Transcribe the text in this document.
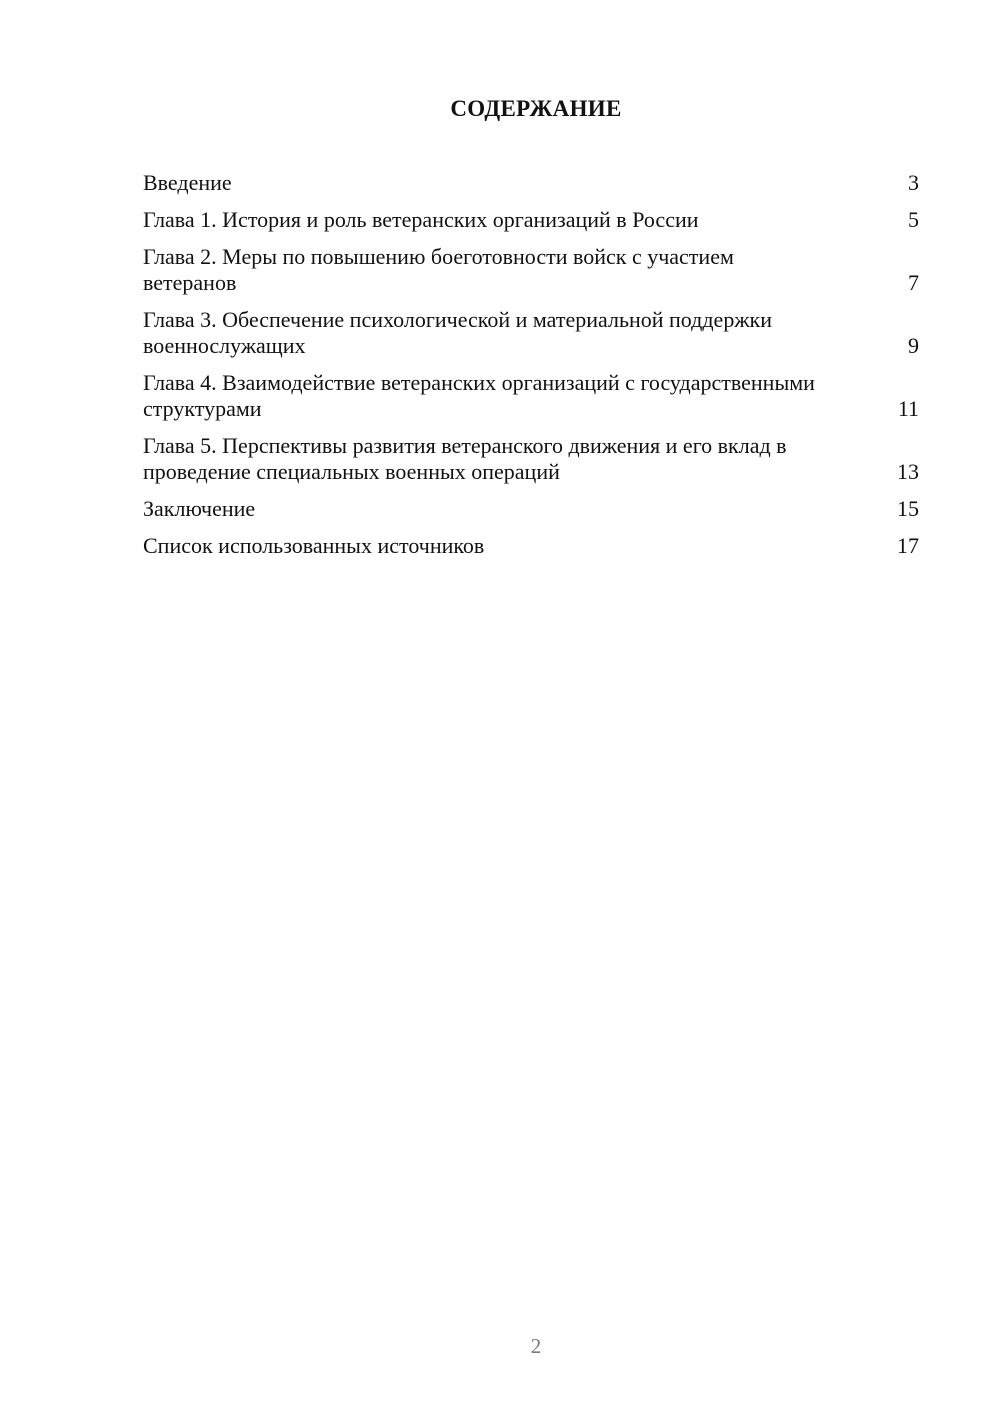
СОДЕРЖАНИЕ
Введение	3
Глава 1. История и роль ветеранских организаций в России	5
Глава 2. Меры по повышению боеготовности войск с участием ветеранов	7
Глава 3. Обеспечение психологической и материальной поддержки военнослужащих	9
Глава 4. Взаимодействие ветеранских организаций с государственными структурами	11
Глава 5. Перспективы развития ветеранского движения и его вклад в проведение специальных военных операций	13
Заключение	15
Список использованных источников	17
2
